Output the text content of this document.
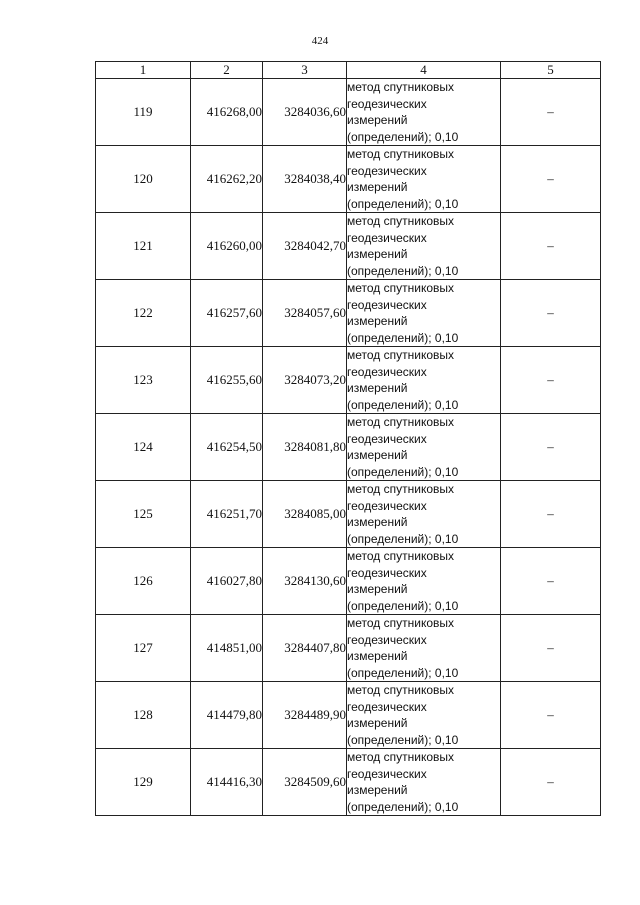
424
1	2	3	4	5
119	416268,00	3284036,60	метод спутниковых
геодезических
измерений
(определений); 0,10	–
120	416262,20	3284038,40	метод спутниковых
геодезических
измерений
(определений); 0,10	–
121	416260,00	3284042,70	метод спутниковых
геодезических
измерений
(определений); 0,10	–
122	416257,60	3284057,60	метод спутниковых
геодезических
измерений
(определений); 0,10	–
123	416255,60	3284073,20	метод спутниковых
геодезических
измерений
(определений); 0,10	–
124	416254,50	3284081,80	метод спутниковых
геодезических
измерений
(определений); 0,10	–
125	416251,70	3284085,00	метод спутниковых
геодезических
измерений
(определений); 0,10	–
126	416027,80	3284130,60	метод спутниковых
геодезических
измерений
(определений); 0,10	–
127	414851,00	3284407,80	метод спутниковых
геодезических
измерений
(определений); 0,10	–
128	414479,80	3284489,90	метод спутниковых
геодезических
измерений
(определений); 0,10	–
129	414416,30	3284509,60	метод спутниковых
геодезических
измерений
(определений); 0,10	–
